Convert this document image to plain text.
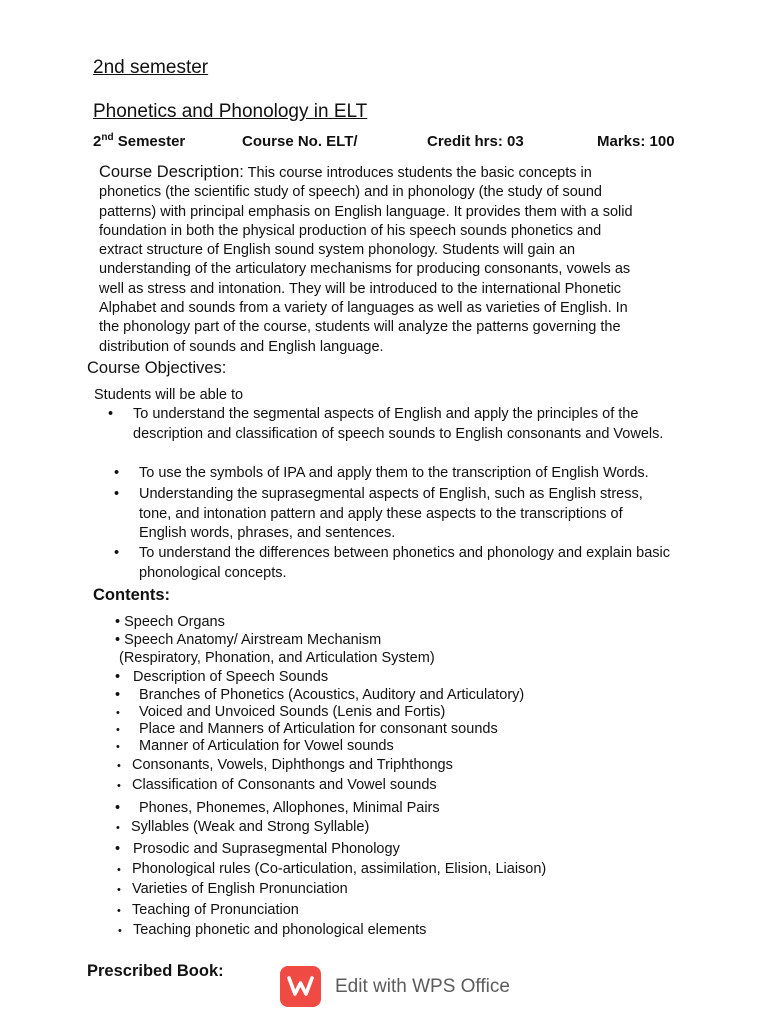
2nd semester
Phonetics and Phonology in ELT
2nd Semester	Course No. ELT/	Credit hrs: 03	Marks: 100
Course Description: This course introduces students the basic concepts in
phonetics (the scientific study of speech) and in phonology (the study of sound
patterns) with principal emphasis on English language. It provides them with a solid
foundation in both the physical production of his speech sounds phonetics and
extract structure of English sound system phonology. Students will gain an
understanding of the articulatory mechanisms for producing consonants, vowels as
well as stress and intonation. They will be introduced to the international Phonetic
Alphabet and sounds from a variety of languages as well as varieties of English. In
the phonology part of the course, students will analyze the patterns governing the
distribution of sounds and English language.
Course Objectives:
Students will be able to
• To understand the segmental aspects of English and apply the principles of the description and classification of speech sounds to English consonants and Vowels.
• To use the symbols of IPA and apply them to the transcription of English Words.
• Understanding the suprasegmental aspects of English, such as English stress, tone, and intonation pattern and apply these aspects to the transcriptions of English words, phrases, and sentences.
• To understand the differences between phonetics and phonology and explain basic phonological concepts.
Contents:
• Speech Organs
• Speech Anatomy/ Airstream Mechanism
(Respiratory, Phonation, and Articulation System)
• Description of Speech Sounds
• Branches of Phonetics (Acoustics, Auditory and Articulatory)
• Voiced and Unvoiced Sounds (Lenis and Fortis)
• Place and Manners of Articulation for consonant sounds
• Manner of Articulation for Vowel sounds
• Consonants, Vowels, Diphthongs and Triphthongs
• Classification of Consonants and Vowel sounds
• Phones, Phonemes, Allophones, Minimal Pairs
• Syllables (Weak and Strong Syllable)
• Prosodic and Suprasegmental Phonology
• Phonological rules (Co-articulation, assimilation, Elision, Liaison)
• Varieties of English Pronunciation
• Teaching of Pronunciation
• Teaching phonetic and phonological elements
Prescribed Book:
Edit with WPS Office
